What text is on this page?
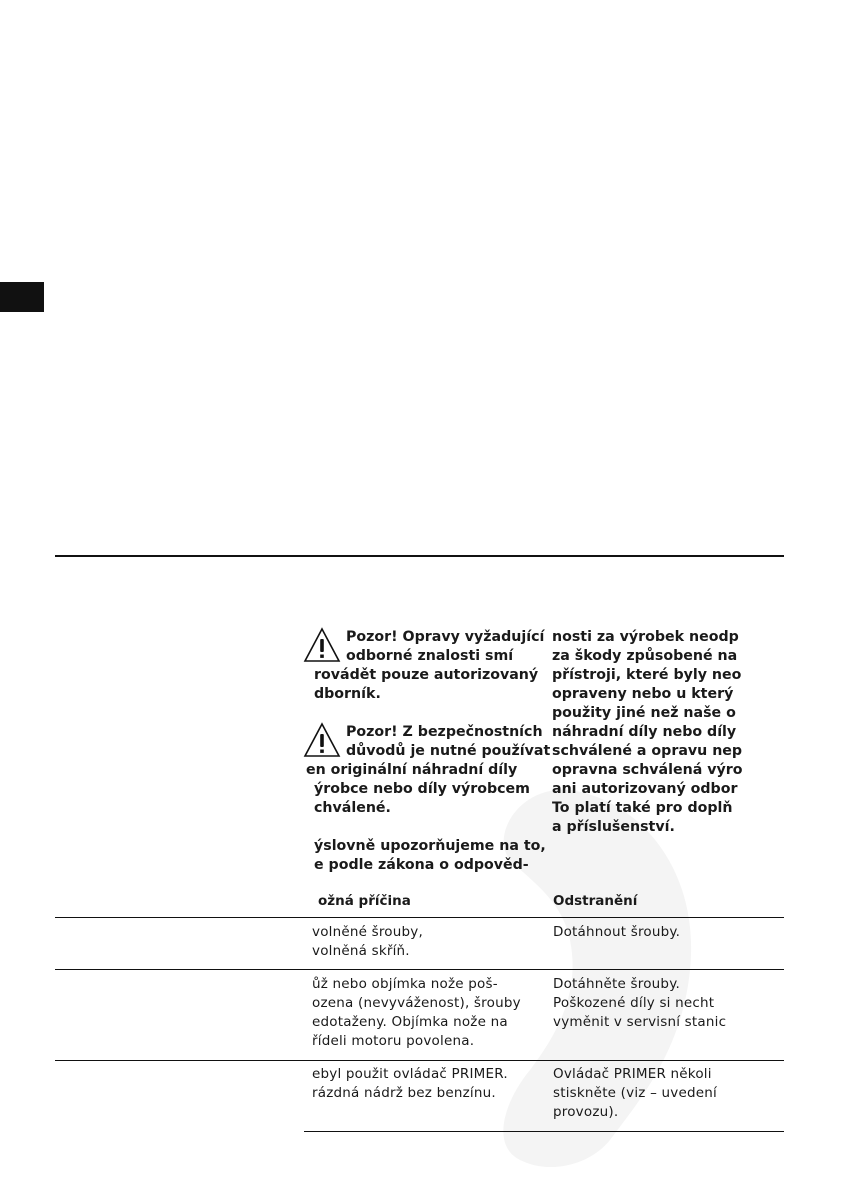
Pozor! Opravy vyžadující
odborné znalosti smí
rovádět pouze autorizovaný
dborník.
Pozor! Z bezpečnostních
důvodů je nutné používat
en originální náhradní díly
ýrobce nebo díly výrobcem
chválené.
ýslovně upozorňujeme na to,
e podle zákona o odpověd-
nosti za výrobek neodp
za škody způsobené na
přístroji, které byly neo
opraveny nebo u který
použity jiné než naše o
náhradní díly nebo díly
schválené a opravu nep
opravna schválená výro
ani autorizovaný odbor
To platí také pro doplň
a příslušenství.
ožná příčina	Odstranění
volněné šrouby,
volněná skříň.
Dotáhnout šrouby.
ůž nebo objímka nože poš-
ozena (nevyváženost), šrouby
edotaženy. Objímka nože na
řídeli motoru povolena.
Dotáhněte šrouby.
Poškozené díly si necht
vyměnit v servisní stanic
ebyl použit ovládač PRIMER.
rázdná nádrž bez benzínu.
Ovládač PRIMER několi
stiskněte (viz – uvedení
provozu).
